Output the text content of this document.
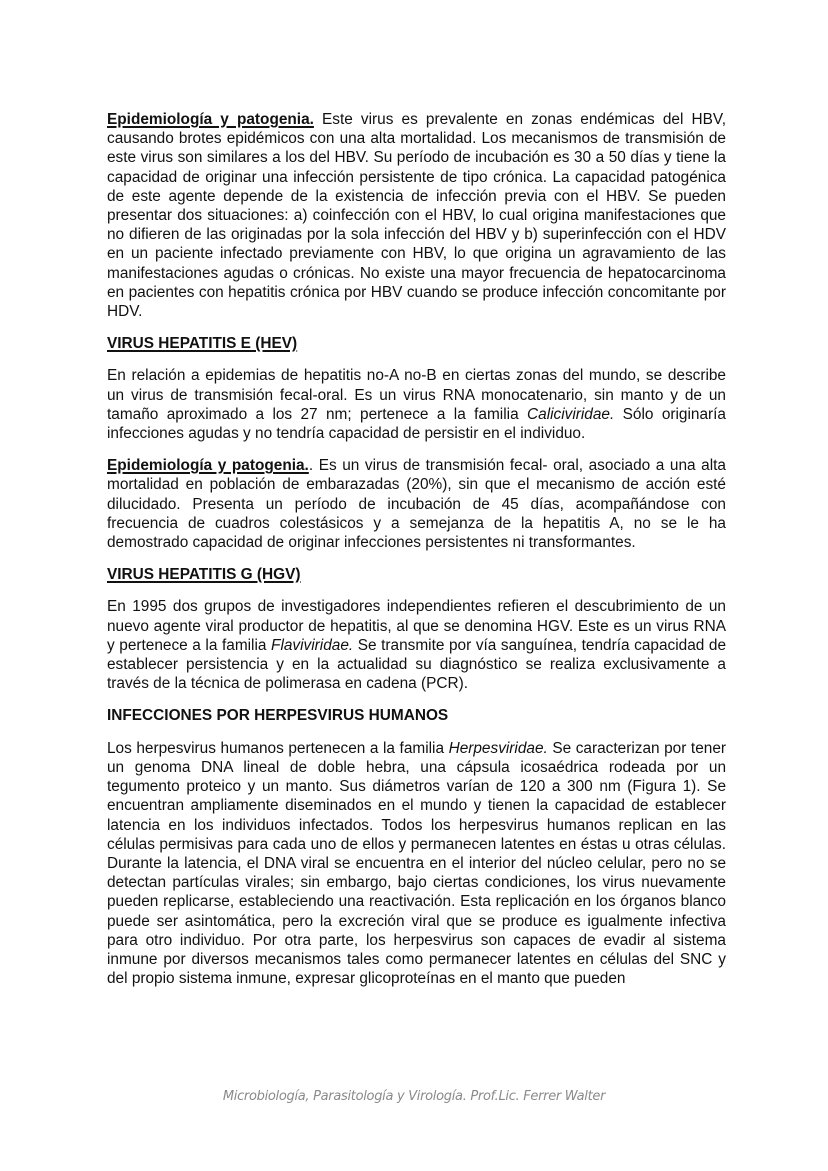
Epidemiología y patogenia. Este virus es prevalente en zonas endémicas del HBV, causando brotes epidémicos con una alta mortalidad. Los mecanismos de transmisión de este virus son similares a los del HBV. Su período de incubación es 30 a 50 días y tiene la capacidad de originar una infección persistente de tipo crónica. La capacidad patogénica de este agente depende de la existencia de infección previa con el HBV. Se pueden presentar dos situaciones: a) coinfección con el HBV, lo cual origina manifestaciones que no difieren de las originadas por la sola infección del HBV y b) superinfección con el HDV en un paciente infectado previamente con HBV, lo que origina un agravamiento de las manifestaciones agudas o crónicas. No existe una mayor frecuencia de hepatocarcinoma en pacientes con hepatitis crónica por HBV cuando se produce infección concomitante por HDV.

VIRUS HEPATITIS E (HEV)

En relación a epidemias de hepatitis no-A no-B en ciertas zonas del mundo, se describe un virus de transmisión fecal-oral. Es un virus RNA monocatenario, sin manto y de un tamaño aproximado a los 27 nm; pertenece a la familia Caliciviridae. Sólo originaría infecciones agudas y no tendría capacidad de persistir en el individuo.

Epidemiología y patogenia.. Es un virus de transmisión fecal- oral, asociado a una alta mortalidad en población de embarazadas (20%), sin que el mecanismo de acción esté dilucidado. Presenta un período de incubación de 45 días, acompañándose con frecuencia de cuadros colestásicos y a semejanza de la hepatitis A, no se le ha demostrado capacidad de originar infecciones persistentes ni transformantes.

VIRUS HEPATITIS G (HGV)

En 1995 dos grupos de investigadores independientes refieren el descubrimiento de un nuevo agente viral productor de hepatitis, al que se denomina HGV. Este es un virus RNA y pertenece a la familia Flaviviridae. Se transmite por vía sanguínea, tendría capacidad de establecer persistencia y en la actualidad su diagnóstico se realiza exclusivamente a través de la técnica de polimerasa en cadena (PCR).

INFECCIONES POR HERPESVIRUS HUMANOS

Los herpesvirus humanos pertenecen a la familia Herpesviridae. Se caracterizan por tener un genoma DNA lineal de doble hebra, una cápsula icosaédrica rodeada por un tegumento proteico y un manto. Sus diámetros varían de 120 a 300 nm (Figura 1). Se encuentran ampliamente diseminados en el mundo y tienen la capacidad de establecer latencia en los individuos infectados. Todos los herpesvirus humanos replican en las células permisivas para cada uno de ellos y permanecen latentes en éstas u otras células. Durante la latencia, el DNA viral se encuentra en el interior del núcleo celular, pero no se detectan partículas virales; sin embargo, bajo ciertas condiciones, los virus nuevamente pueden replicarse, estableciendo una reactivación. Esta replicación en los órganos blanco puede ser asintomática, pero la excreción viral que se produce es igualmente infectiva para otro individuo. Por otra parte, los herpesvirus son capaces de evadir al sistema inmune por diversos mecanismos tales como permanecer latentes en células del SNC y del propio sistema inmune, expresar glicoproteínas en el manto que pueden

Microbiología, Parasitología y Virología. Prof.Lic. Ferrer Walter
